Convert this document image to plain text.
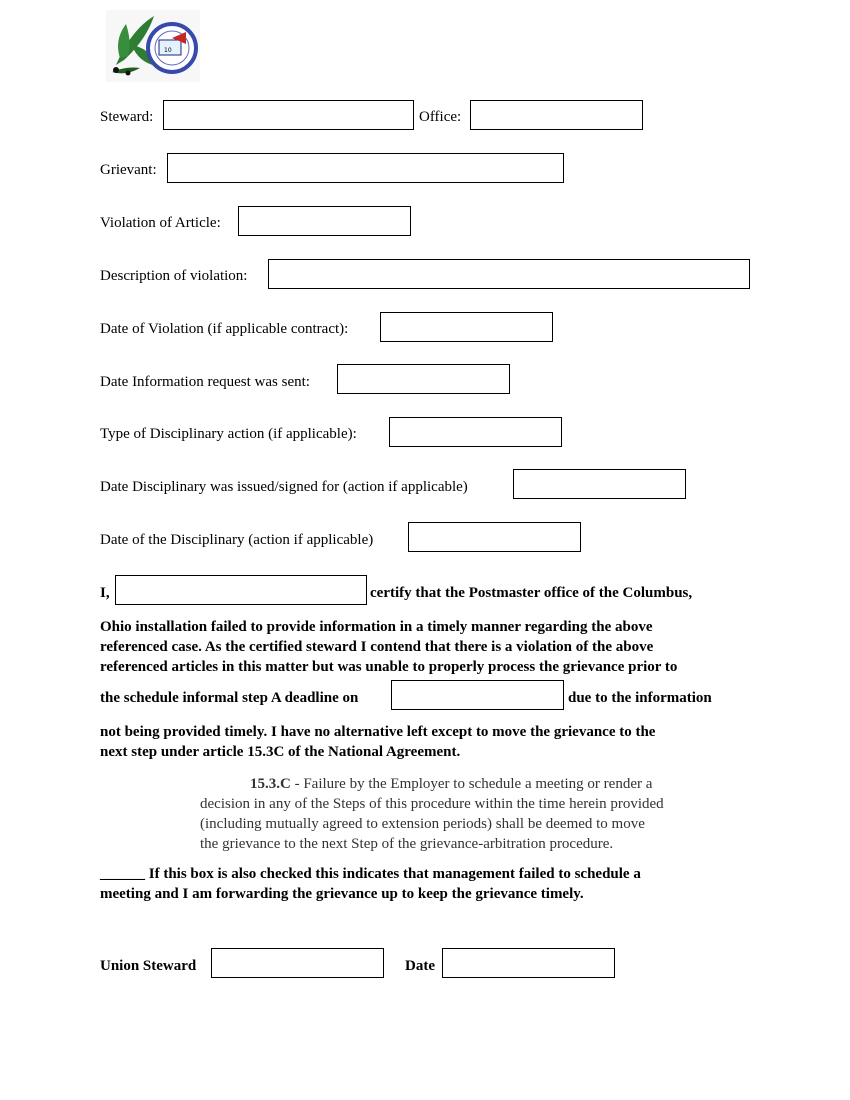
10
Steward:	Office:
Grievant:
Violation of Article:
Description of violation:
Date of Violation (if applicable contract):
Date Information request was sent:
Type of Disciplinary action (if applicable):
Date Disciplinary was issued/signed for (action if applicable)
Date of the Disciplinary (action if applicable)
I,	certify that the Postmaster office of the Columbus,
Ohio installation failed to provide information in a timely manner regarding the above
referenced case. As the certified steward I contend that there is a violation of the above
referenced articles in this matter but was unable to properly process the grievance prior to
the schedule informal step A deadline on	due to the information
not being provided timely. I have no alternative left except to move the grievance to the
next step under article 15.3C of the National Agreement.
15.3.C - Failure by the Employer to schedule a meeting or render a
decision in any of the Steps of this procedure within the time herein provided
(including mutually agreed to extension periods) shall be deemed to move
the grievance to the next Step of the grievance-arbitration procedure.
______ If this box is also checked this indicates that management failed to schedule a
meeting and I am forwarding the grievance up to keep the grievance timely.
Union Steward	Date
